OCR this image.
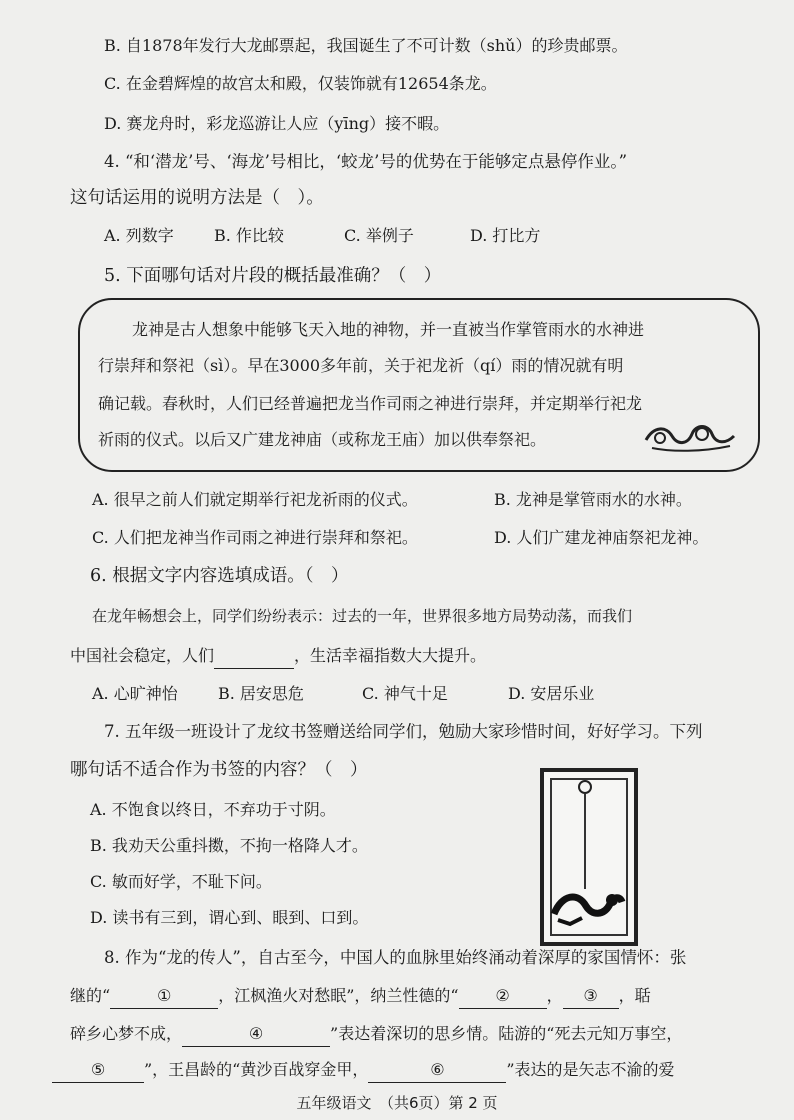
B. 自1878年发行大龙邮票起，我国诞生了不可计数（shǔ）的珍贵邮票。
C. 在金碧辉煌的故宫太和殿，仅装饰就有12654条龙。
D. 赛龙舟时，彩龙巡游让人应（yīng）接不暇。
4. “和‘潜龙’号、‘海龙’号相比，‘蛟龙’号的优势在于能够定点悬停作业。”
这句话运用的说明方法是（　）。
A. 列数字	B. 作比较	C. 举例子	D. 打比方
5. 下面哪句话对片段的概括最准确？（　）
龙神是古人想象中能够飞天入地的神物，并一直被当作掌管雨水的水神进
行崇拜和祭祀（sì）。早在3000多年前，关于祀龙祈（qí）雨的情况就有明
确记载。春秋时，人们已经普遍把龙当作司雨之神进行崇拜，并定期举行祀龙
祈雨的仪式。以后又广建龙神庙（或称龙王庙）加以供奉祭祀。
A. 很早之前人们就定期举行祀龙祈雨的仪式。	B. 龙神是掌管雨水的水神。
C. 人们把龙神当作司雨之神进行崇拜和祭祀。	D. 人们广建龙神庙祭祀龙神。
6. 根据文字内容选填成语。（　）
在龙年畅想会上，同学们纷纷表示：过去的一年，世界很多地方局势动荡，而我们
中国社会稳定，人们	，生活幸福指数大大提升。
A. 心旷神怡	B. 居安思危	C. 神气十足	D. 安居乐业
7. 五年级一班设计了龙纹书签赠送给同学们，勉励大家珍惜时间，好好学习。下列
哪句话不适合作为书签的内容？（　）
A. 不饱食以终日，不弃功于寸阴。
B. 我劝天公重抖擞，不拘一格降人才。
C. 敏而好学，不耻下问。
D. 读书有三到，谓心到、眼到、口到。
8. 作为“龙的传人”，自古至今，中国人的血脉里始终涌动着深厚的家国情怀：张
继的“	①	，江枫渔火对愁眠”，纳兰性德的“ ② ， ③ ，聒
碎乡心梦不成，	④	”表达着深切的思乡情。陆游的“死去元知万事空，
⑤ ”，王昌龄的“黄沙百战穿金甲，	⑥	”表达的是矢志不渝的爱
五年级语文　（共6页）第 2 页
